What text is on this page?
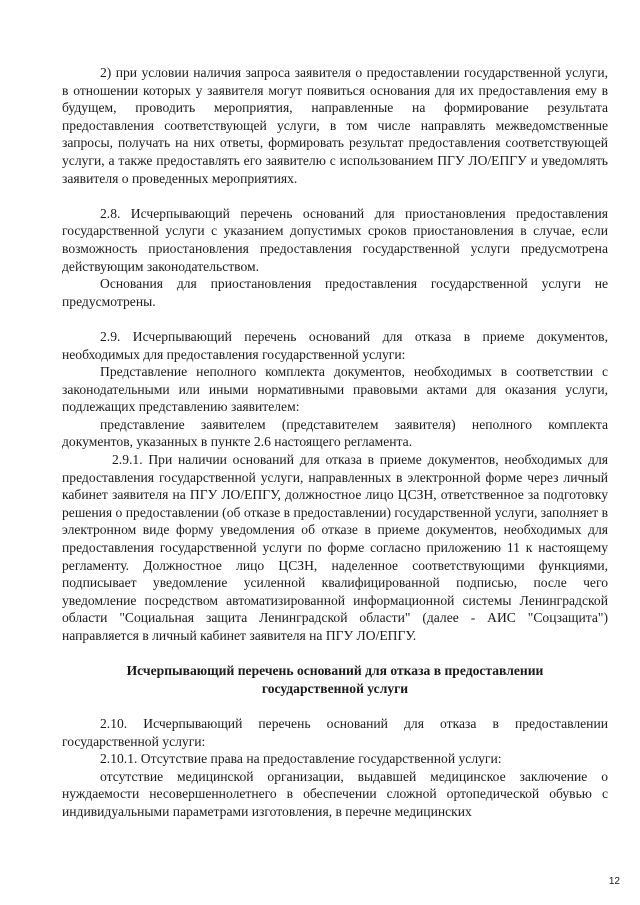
2) при условии наличия запроса заявителя о предоставлении государственной услуги, в отношении которых у заявителя могут появиться основания для их предоставления ему в будущем, проводить мероприятия, направленные на формирование результата предоставления соответствующей услуги, в том числе направлять межведомственные запросы, получать на них ответы, формировать результат предоставления соответствующей услуги, а также предоставлять его заявителю с использованием ПГУ ЛО/ЕПГУ и уведомлять заявителя о проведенных мероприятиях.

2.8. Исчерпывающий перечень оснований для приостановления предоставления государственной услуги с указанием допустимых сроков приостановления в случае, если возможность приостановления предоставления государственной услуги предусмотрена действующим законодательством.

Основания для приостановления предоставления государственной услуги не предусмотрены.

2.9. Исчерпывающий перечень оснований для отказа в приеме документов, необходимых для предоставления государственной услуги:

Представление неполного комплекта документов, необходимых в соответствии с законодательными или иными нормативными правовыми актами для оказания услуги, подлежащих представлению заявителем:

представление заявителем (представителем заявителя) неполного комплекта документов, указанных в пункте 2.6 настоящего регламента.

2.9.1. При наличии оснований для отказа в приеме документов, необходимых для предоставления государственной услуги, направленных в электронной форме через личный кабинет заявителя на ПГУ ЛО/ЕПГУ, должностное лицо ЦСЗН, ответственное за подготовку решения о предоставлении (об отказе в предоставлении) государственной услуги, заполняет в электронном виде форму уведомления об отказе в приеме документов, необходимых для предоставления государственной услуги по форме согласно приложению 11 к настоящему регламенту. Должностное лицо ЦСЗН, наделенное соответствующими функциями, подписывает уведомление усиленной квалифицированной подписью, после чего уведомление посредством автоматизированной информационной системы Ленинградской области "Социальная защита Ленинградской области" (далее - АИС "Соцзащита") направляется в личный кабинет заявителя на ПГУ ЛО/ЕПГУ.

Исчерпывающий перечень оснований для отказа в предоставлении
государственной услуги

2.10. Исчерпывающий перечень оснований для отказа в предоставлении государственной услуги:

2.10.1. Отсутствие права на предоставление государственной услуги:

отсутствие медицинской организации, выдавшей медицинское заключение о нуждаемости несовершеннолетнего в обеспечении сложной ортопедической обувью с индивидуальными параметрами изготовления, в перечне медицинских

12
